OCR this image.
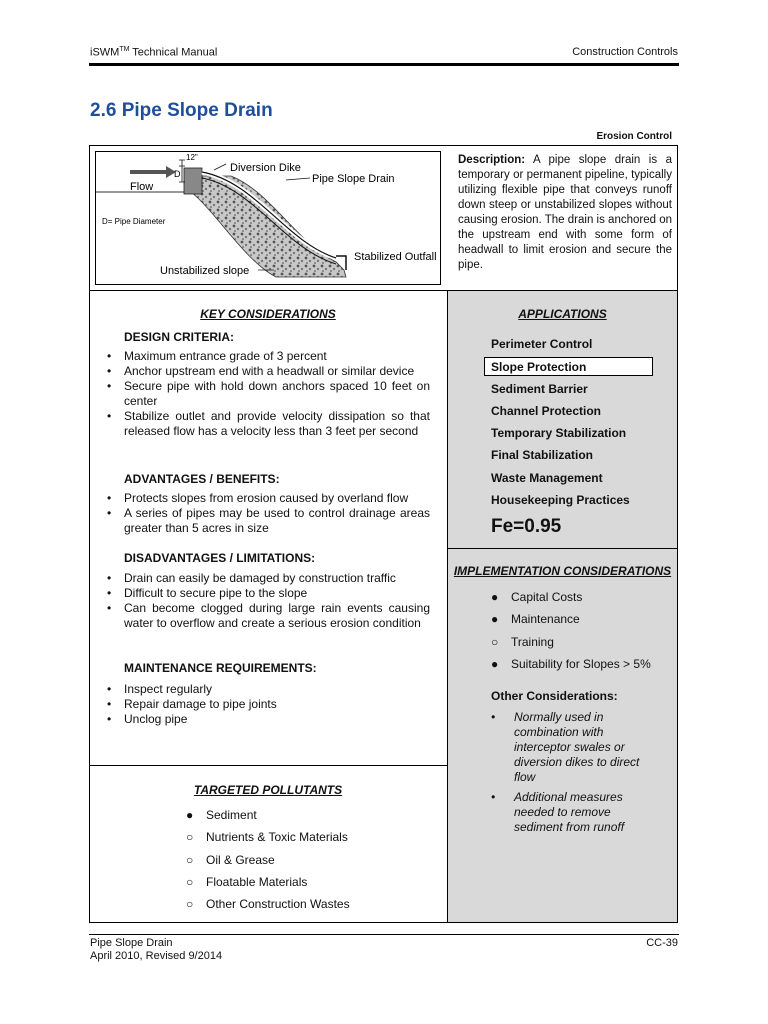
iSWM™ Technical Manual	Construction Controls
2.6 Pipe Slope Drain
Erosion Control
12"
D
Flow
Diversion Dike
Pipe Slope Drain
Stabilized Outfall
Unstabilized slope
D= Pipe Diameter
Description: A pipe slope drain is a temporary or permanent pipeline, typically utilizing flexible pipe that conveys runoff down steep or unstabilized slopes without causing erosion. The drain is anchored on the upstream end with some form of headwall to limit erosion and secure the pipe.
KEY CONSIDERATIONS
DESIGN CRITERIA:
• Maximum entrance grade of 3 percent
• Anchor upstream end with a headwall or similar device
• Secure pipe with hold down anchors spaced 10 feet on center
• Stabilize outlet and provide velocity dissipation so that released flow has a velocity less than 3 feet per second
ADVANTAGES / BENEFITS:
• Protects slopes from erosion caused by overland flow
• A series of pipes may be used to control drainage areas greater than 5 acres in size
DISADVANTAGES / LIMITATIONS:
• Drain can easily be damaged by construction traffic
• Difficult to secure pipe to the slope
• Can become clogged during large rain events causing water to overflow and create a serious erosion condition
MAINTENANCE REQUIREMENTS:
• Inspect regularly
• Repair damage to pipe joints
• Unclog pipe
APPLICATIONS
Perimeter Control
Slope Protection
Sediment Barrier
Channel Protection
Temporary Stabilization
Final Stabilization
Waste Management
Housekeeping Practices
Fe=0.95
IMPLEMENTATION CONSIDERATIONS
● Capital Costs
● Maintenance
○ Training
● Suitability for Slopes > 5%
Other Considerations:
• Normally used in combination with interceptor swales or diversion dikes to direct flow
• Additional measures needed to remove sediment from runoff
TARGETED POLLUTANTS
● Sediment
○ Nutrients & Toxic Materials
○ Oil & Grease
○ Floatable Materials
○ Other Construction Wastes
Pipe Slope Drain
April 2010, Revised 9/2014
CC-39
